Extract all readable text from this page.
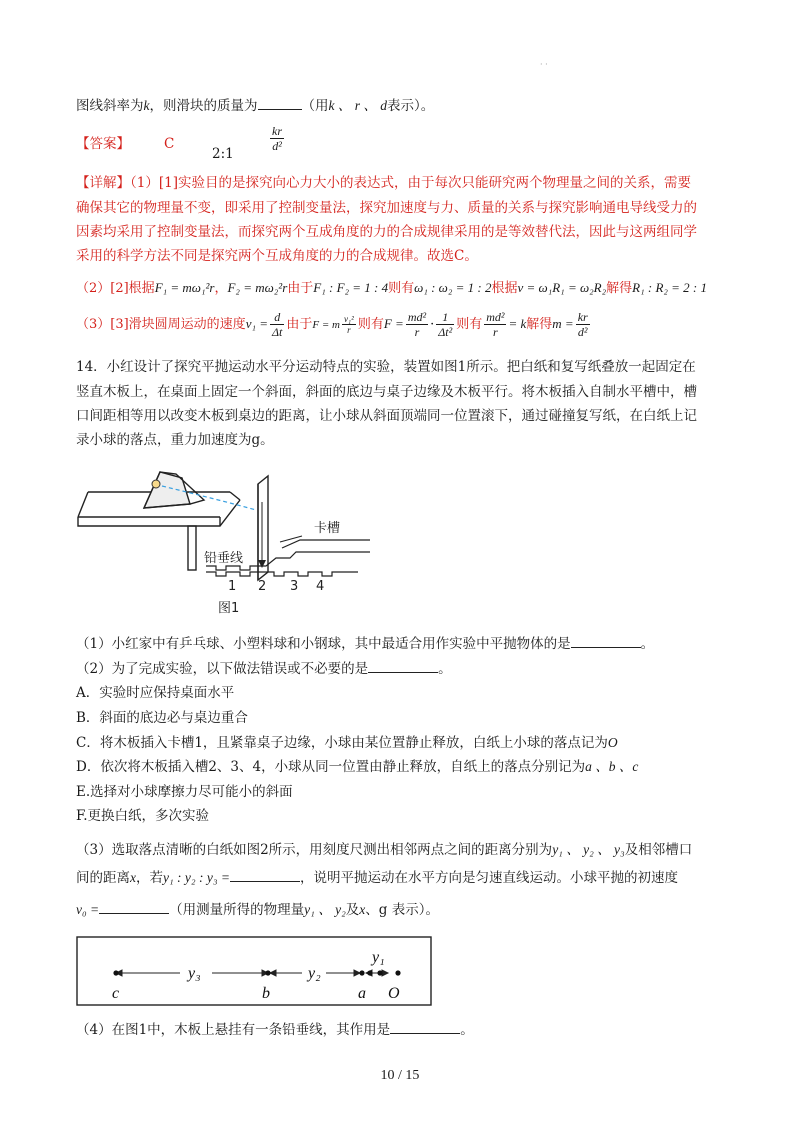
· ·
图线斜率为k，则滑块的质量为	（用k 、 r 、 d表示）。
【答案】	C
2:1
$\frac{kr}{\text{d²}}$
【详解】（1）[1]实验目的是探究向心力大小的表达式，由于每次只能研究两个物理量之间的关系，需要
确保其它的物理量不变，即采用了控制变量法，探究加速度与力、质量的关系与探究影响通电导线受力的
因素均采用了控制变量法，而探究两个互成角度的力的合成规律采用的是等效替代法，因此与这两组同学
采用的科学方法不同是探究两个互成角度的力的合成规律。故选C。
（2）[2]根据F₁ = mω₁²r，F₂ = mω₂²r由于F₁ : F₂ = 1 : 4则有ω₁ : ω₂ = 1 : 2根据v = ω₁R₁ = ω₂R₂解得R₁ : R₂ = 2 : 1
（3）[3]滑块圆周运动的速度$v_1 = \frac{d}{\Delta t}$ 由于F = m $\frac{\text{v₁²}}{r}$ 则有$F = \frac{\text{md²}}{r} \cdot \frac{1}{\text{Δt²}}$ 则有 $\frac{\text{md²}}{r} = k$解得$m = \frac{kr}{\text{d²}}$
14．小红设计了探究平抛运动水平分运动特点的实验，装置如图1所示。把白纸和复写纸叠放一起固定在
竖直木板上，在桌面上固定一个斜面，斜面的底边与桌子边缘及木板平行。将木板插入自制水平槽中，槽
口间距相等用以改变木板到桌边的距离，让小球从斜面顶端同一位置滚下，通过碰撞复写纸，在白纸上记
录小球的落点，重力加速度为g。
卡槽
铅垂线
1 2 3 4
图1
（1）小红家中有乒乓球、小塑料球和小钢球，其中最适合用作实验中平抛物体的是	。
（2）为了完成实验，以下做法错误或不必要的是	。
A．实验时应保持桌面水平
B．斜面的底边必与桌边重合
C．将木板插入卡槽1，且紧靠桌子边缘，小球由某位置静止释放，白纸上小球的落点记为O
D．依次将木板插入槽2、3、4，小球从同一位置由静止释放，自纸上的落点分别记为a 、b 、c
E.选择对小球摩擦力尽可能小的斜面
F.更换白纸，多次实验
（3）选取落点清晰的白纸如图2所示，用刻度尺测出相邻两点之间的距离分别为y₁ 、 y₂ 、 y₃及相邻槽口
间的距离x，若y₁ : y₂ : y₃ =	，说明平抛运动在水平方向是匀速直线运动。小球平抛的初速度
v₀ =	（用测量所得的物理量y₁ 、 y₂及x、g 表示）。
y₃	y₂
y₁
c	b	a O
（4）在图1中，木板上悬挂有一条铅垂线，其作用是	。
10 / 15
